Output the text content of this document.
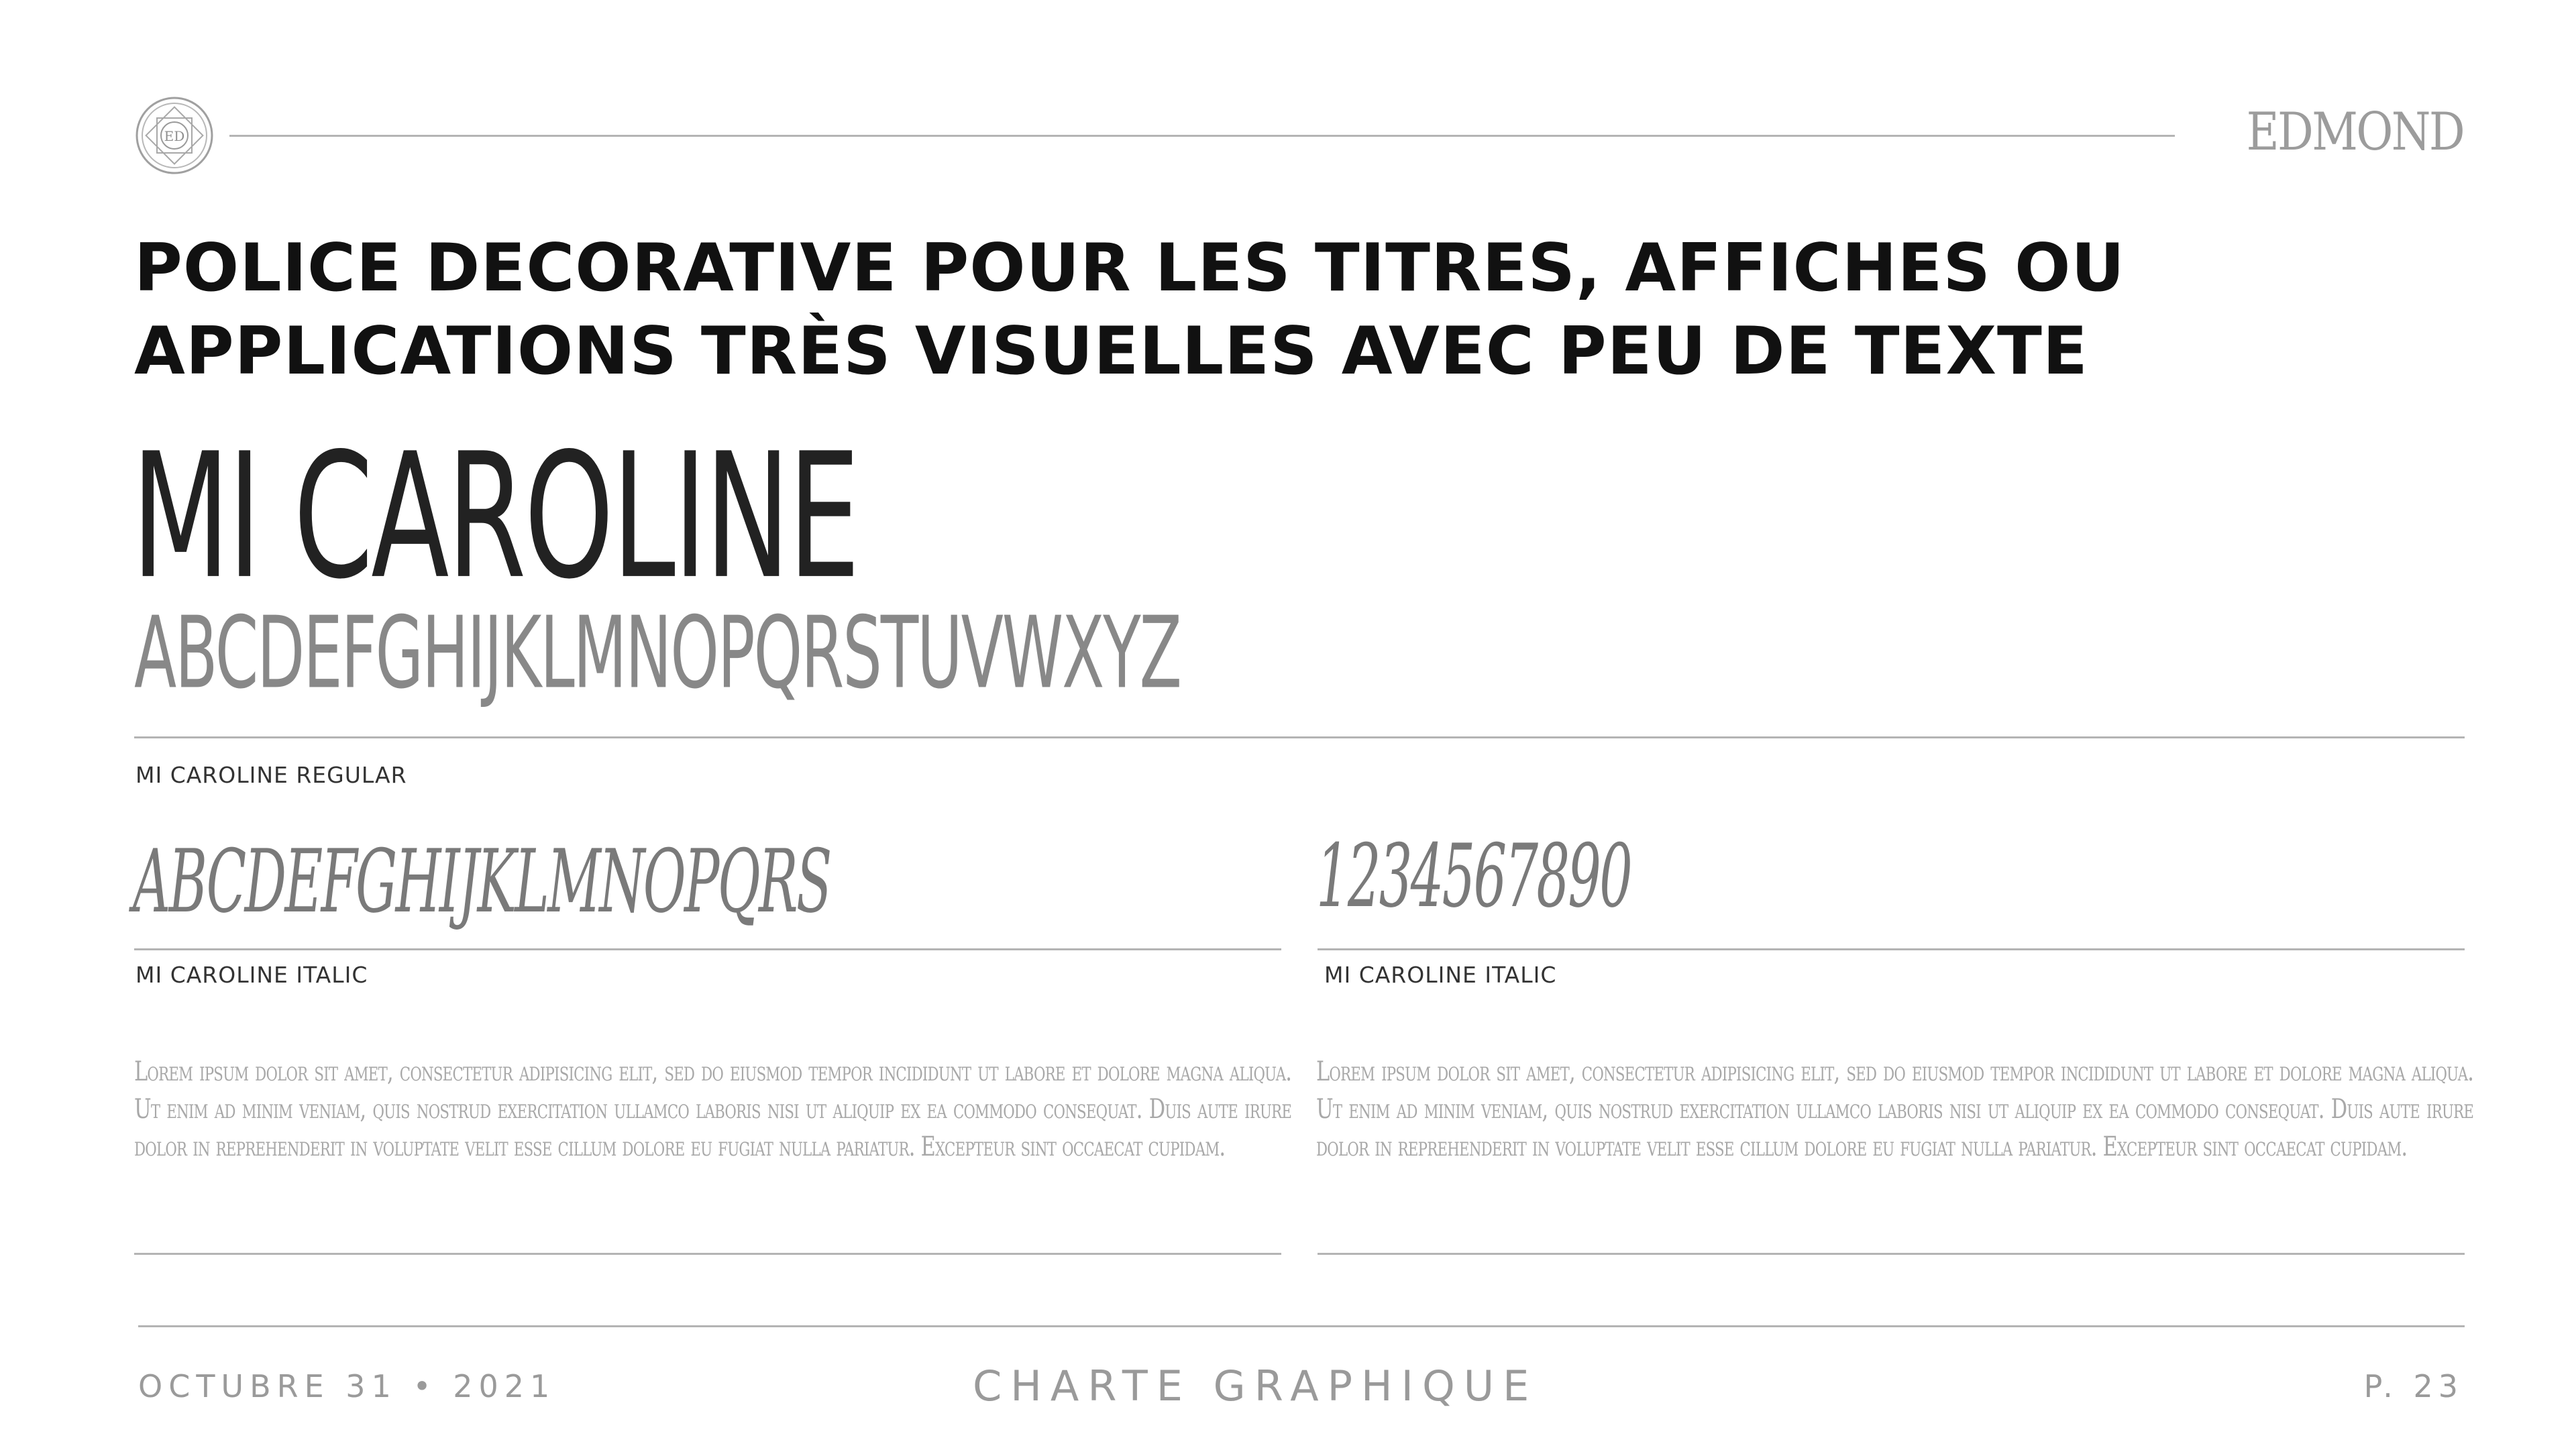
ED	EDMOND
POLICE DECORATIVE POUR LES TITRES, AFFICHES OU
APPLICATIONS TRÈS VISUELLES AVEC PEU DE TEXTE
MI CAROLINE
ABCDEFGHIJKLMNOPQRSTUVWXYZ
MI CAROLINE REGULAR
ABCDEFGHIJKLMNOPQRS	1234567890
MI CAROLINE ITALIC	MI CAROLINE ITALIC
Lorem ipsum dolor sit amet, consectetur adipisicing elit, sed do eiusmod tempor incididunt ut labore et dolore magna aliqua. Ut enim ad minim veniam, quis nostrud exercitation ullamco laboris nisi ut aliquip ex ea commodo consequat. Duis aute irure dolor in reprehenderit in voluptate velit esse cillum dolore eu fugiat nulla pariatur. Excepteur sint occaecat cupidam.
Lorem ipsum dolor sit amet, consectetur adipisicing elit, sed do eiusmod tempor incididunt ut labore et dolore magna aliqua. Ut enim ad minim veniam, quis nostrud exercitation ullamco laboris nisi ut aliquip ex ea commodo consequat. Duis aute irure dolor in reprehenderit in voluptate velit esse cillum dolore eu fugiat nulla pariatur. Excepteur sint occaecat cupidam.
OCTUBRE 31 • 2021	CHARTE GRAPHIQUE	P. 23
